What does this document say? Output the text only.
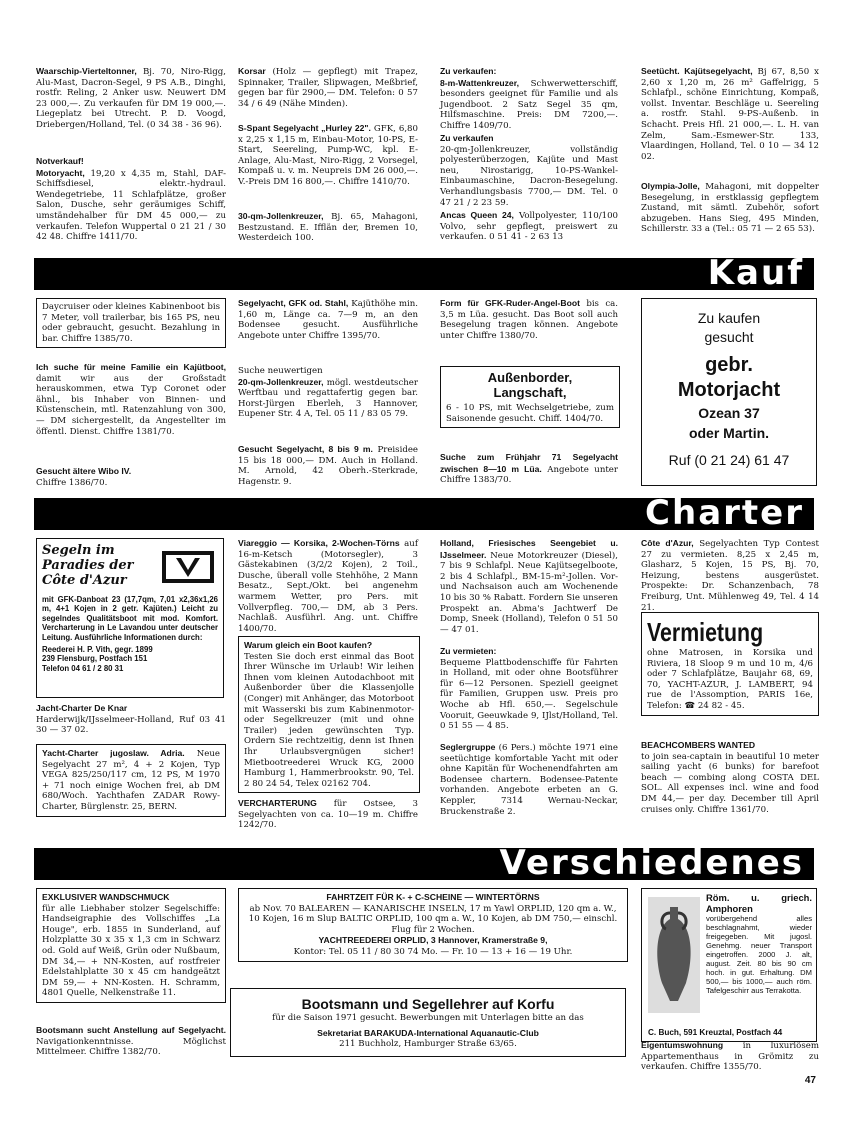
Waarschip-Vierteltonner, Bj. 70, Niro-Rigg, Alu-Mast, Dacron-Segel, 9 PS A.B., Dinghi, rostfr. Reling, 2 Anker usw. Neuwert DM 23 000,—. Zu verkaufen für DM 19 000,—. Liegeplatz bei Utrecht. P. D. Voogd, Driebergen/Holland, Tel. (0 34 38 - 36 96).

Notverkauf!
Motoryacht, 19,20 x 4,35 m, Stahl, DAF-Schiffsdiesel, elektr.-hydraul. Wendegetriebe, 11 Schlafplätze, großer Salon, Dusche, sehr geräumiges Schiff, umständehalber für DM 45 000,— zu verkaufen. Telefon Wuppertal 0 21 21 / 30 42 48. Chiffre 1411/70.

Korsar (Holz — gepflegt) mit Trapez, Spinnaker, Trailer, Slipwagen, Meßbrief, gegen bar für 2900,— DM. Telefon: 0 57 34 / 6 49 (Nähe Minden).

S-Spant Segelyacht „Hurley 22". GFK, 6,80 x 2,25 x 1,15 m, Einbau-Motor, 10-PS, E-Start, Seereling, Pump-WC, kpl. E-Anlage, Alu-Mast, Niro-Rigg, 2 Vorsegel, Kompaß u. v. m. Neupreis DM 26 000,—. V.-Preis DM 16 800,—. Chiffre 1410/70.

30-qm-Jollenkreuzer, Bj. 65, Mahagoni, Bestzustand. E. Ifflän der, Bremen 10, Westerdeich 100.

Zu verkaufen:
8-m-Wattenkreuzer, Schwerwetterschiff, besonders geeignet für Familie und als Jugendboot. 2 Satz Segel 35 qm, Hilfsmaschine. Preis: DM 7200,—. Chiffre 1409/70.

Zu verkaufen
20-qm-Jollenkreuzer, vollständig polyesterüberzogen, Kajüte und Mast neu, Nirostarigg, 10-PS-Wankel-Einbaumaschine, Dacron-Besegelung. Verhandlungsbasis 7700,— DM. Tel. 0 47 21 / 2 23 59.

Ancas Queen 24, Vollpolyester, 110/100 Volvo, sehr gepflegt, preiswert zu verkaufen. 0 51 41 - 2 63 13

Seetücht. Kajütsegelyacht, Bj 67, 8,50 x 2,60 x 1,20 m, 26 m² Gaffelrigg, 5 Schlafpl., schöne Einrichtung, Kompaß, vollst. Inventar. Beschläge u. Seereling a. rostfr. Stahl. 9-PS-Außenb. in Schacht. Preis Hfl. 21 000,—. L. H. van Zelm, Sam.-Esmewer-Str. 133, Vlaardingen, Holland, Tel. 0 10 — 34 12 02.

Olympia-Jolle, Mahagoni, mit doppelter Besegelung, in erstklassig gepflegtem Zustand, mit sämtl. Zubehör, sofort abzugeben. Hans Sieg, 495 Minden, Schillerstr. 33 a (Tel.: 05 71 — 2 65 53).

Kauf

Daycruiser oder kleines Kabinenboot bis 7 Meter, voll trailerbar, bis 165 PS, neu oder gebraucht, gesucht. Bezahlung in bar. Chiffre 1385/70.

Ich suche für meine Familie ein Kajütboot, damit wir aus der Großstadt herauskommen, etwa Typ Coronet oder ähnl., bis Inhaber von Binnen- und Küstenschein, mtl. Ratenzahlung von 300,— DM sichergestellt, da Angestellter im öffentl. Dienst. Chiffre 1381/70.

Gesucht ältere Wibo IV.
Chiffre 1386/70.

Segelyacht, GFK od. Stahl, Kajüthöhe min. 1,60 m, Länge ca. 7—9 m, an den Bodensee gesucht. Ausführliche Angebote unter Chiffre 1395/70.

Suche neuwertigen
20-qm-Jollenkreuzer, mögl. westdeutscher Werftbau und regattafertig gegen bar. Horst-Jürgen Eberleh, 3 Hannover, Eupener Str. 4 A, Tel. 05 11 / 83 05 79.

Gesucht Segelyacht, 8 bis 9 m. Preisidee 15 bis 18 000,— DM. Auch in Holland. M. Arnold, 42 Oberh.-Sterkrade, Hagenstr. 9.

Form für GFK-Ruder-Angel-Boot bis ca. 3,5 m Lüa. gesucht. Das Boot soll auch Besegelung tragen können. Angebote unter Chiffre 1380/70.

Außenborder,
Langschaft,

6 - 10 PS, mit Wechselgetriebe, zum Saisonende gesucht. Chiff. 1404/70.

Suche zum Frühjahr 71 Segelyacht zwischen 8—10 m Lüa. Angebote unter Chiffre 1383/70.

Zu kaufen
gesucht
gebr.
Motorjacht
Ozean 37
oder Martin.
Ruf (0 21 24) 61 47
Charter
Segeln im
Paradies der
Côte d'Azur

mit GFK-Danboat 23 (17,7qm, 7,01 x2,36x1,26 m, 4+1 Kojen in 2 getr. Kajüten.) Leicht zu segelndes Qualitätsboot mit mod. Komfort. Vercharterung in Le Lavandou unter deutscher Leitung. Ausführliche Informationen durch:

Reederei H. P. Vith, gegr. 1899
239 Flensburg, Postfach 151
Telefon 04 61 / 2 80 31

Jacht-Charter De Knar
Harderwijk/IJsselmeer-Holland, Ruf 03 41 30 — 37 02.

Yacht-Charter jugoslaw. Adria. Neue Segelyacht 27 m², 4 + 2 Kojen, Typ VEGA 825/250/117 cm, 12 PS, M 1970 + 71 noch einige Wochen frei, ab DM 680/Woch. Yachthafen ZADAR Rowy-Charter, Bürglenstr. 25, BERN.

Viareggio — Korsika, 2-Wochen-Törns auf 16-m-Ketsch (Motorsegler), 3 Gästekabinen (3/2/2 Kojen), 2 Toil., Dusche, überall volle Stehhöhe, 2 Mann Besatz., Sept./Okt. bei angenehm warmem Wetter, pro Pers. mit Vollverpfleg. 700,— DM, ab 3 Pers. Nachlaß. Ausführl. Ang. unt. Chiffre 1400/70.

Warum gleich ein Boot kaufen?
Testen Sie doch erst einmal das Boot Ihrer Wünsche im Urlaub! Wir leihen Ihnen vom kleinen Autodachboot mit Außenborder über die Klassenjolle (Conger) mit Anhänger, das Motorboot mit Wasserski bis zum Kabinenmotor- oder Segelkreuzer (mit und ohne Trailer) jeden gewünschten Typ. Ordern Sie rechtzeitig, denn ist Ihnen Ihr Urlaubsvergnügen sicher! Mietbootreederei Wruck KG, 2000 Hamburg 1, Hammerbrookstr. 90, Tel. 2 80 24 54, Telex 02162 704.

VERCHARTERUNG für Ostsee, 3 Segelyachten von ca. 10—19 m. Chiffre 1242/70.

Holland, Friesisches Seengebiet u. IJsselmeer. Neue Motorkreuzer (Diesel), 7 bis 9 Schlafpl. Neue Kajütsegelboote, 2 bis 4 Schlafpl., BM-15-m²-Jollen. Vor- und Nachsaison auch am Wochenende 10 bis 30 % Rabatt. Fordern Sie unseren Prospekt an. Abma's Jachtwerf De Domp, Sneek (Holland), Telefon 0 51 50 — 47 01.

Zu vermieten:
Bequeme Plattbodenschiffe für Fahrten in Holland, mit oder ohne Bootsführer für 6—12 Personen. Speziell geeignet für Familien, Gruppen usw. Preis pro Woche ab Hfl. 650,—. Segelschule Vooruit, Geeuwkade 9, IJlst/Holland, Tel. 0 51 55 — 4 85.

Seglergruppe (6 Pers.) möchte 1971 eine seetüchtige komfortable Yacht mit oder ohne Kapitän für Wochenendfahrten am Bodensee chartern. Bodensee-Patente vorhanden. Angebote erbeten an G. Keppler, 7314 Wernau-Neckar, Bruckenstraße 2.

Côte d'Azur, Segelyachten Typ Contest 27 zu vermieten. 8,25 x 2,45 m, Glasharz, 5 Kojen, 15 PS, Bj. 70, Heizung, bestens ausgerüstet. Prospekte: Dr. Schanzenbach, 78 Freiburg, Unt. Mühlenweg 49, Tel. 4 14 21.

Vermietung

ohne Matrosen, in Korsika und Riviera, 18 Sloop 9 m und 10 m, 4/6 oder 7 Schlafplätze, Baujahr 68, 69, 70, YACHT-AZUR, J. LAMBERT, 94 rue de l'Assomption, PARIS 16e, Telefon: ☎ 24 82 - 45.

BEACHCOMBERS WANTED
to join sea-captain in beautiful 10 meter sailing yacht (6 bunks) for barefoot beach — combing along COSTA DEL SOL. All expenses incl. wine and food DM 44,— per day. December till April cruises only. Chiffre 1361/70.

Verschiedenes

EXKLUSIVER WANDSCHMUCK
für alle Liebhaber stolzer Segelschiffe: Handseigraphie des Vollschiffes „La Houge", erb. 1855 in Sunderland, auf Holzplatte 30 x 35 x 1,3 cm in Schwarz od. Gold auf Weiß, Grün oder Nußbaum, DM 34,— + NN-Kosten, auf rostfreier Edelstahlplatte 30 x 45 cm handgeätzt DM 59,— + NN-Kosten. H. Schramm, 4801 Quelle, Nelkenstraße 11.

Bootsmann sucht Anstellung auf Segelyacht. Navigationkenntnisse. Möglichst Mittelmeer. Chiffre 1382/70.

FAHRTZEIT FÜR K- + C-SCHEINE — WINTERTÖRNS

ab Nov. 70 BALEAREN — KANARISCHE INSELN, 17 m Yawl ORPLID, 120 qm a. W., 10 Kojen, 16 m Slup BALTIC ORPLID, 100 qm a. W., 10 Kojen, ab DM 750,— einschl. Flug für 2 Wochen.

YACHTREEDEREI ORPLID, 3 Hannover, Kramerstraße 9,
Kontor: Tel. 05 11 / 80 30 74 Mo. — Fr. 10 — 13 + 16 — 19 Uhr.
Bootsmann und Segellehrer auf Korfu
für die Saison 1971 gesucht. Bewerbungen mit Unterlagen bitte an das
Sekretariat BARAKUDA-International Aquanautic-Club
211 Buchholz, Hamburger Straße 63/65.
Röm. u. griech. Amphoren

vorübergehend alles beschlagnahmt, wieder freigegeben. Mit jugosl. Genehmg. neuer Transport eingetroffen. 2000 J. alt, august. Zeit. 80 bis 90 cm hoch. in gut. Erhaltung. DM 500,— bis 1000,— auch röm. Tafelgeschirr aus Terrakotta.

C. Buch, 591 Kreuztal, Postfach 44

Eigentumswohnung in luxuriösem Appartementhaus in Grömitz zu verkaufen. Chiffre 1355/70.

47
